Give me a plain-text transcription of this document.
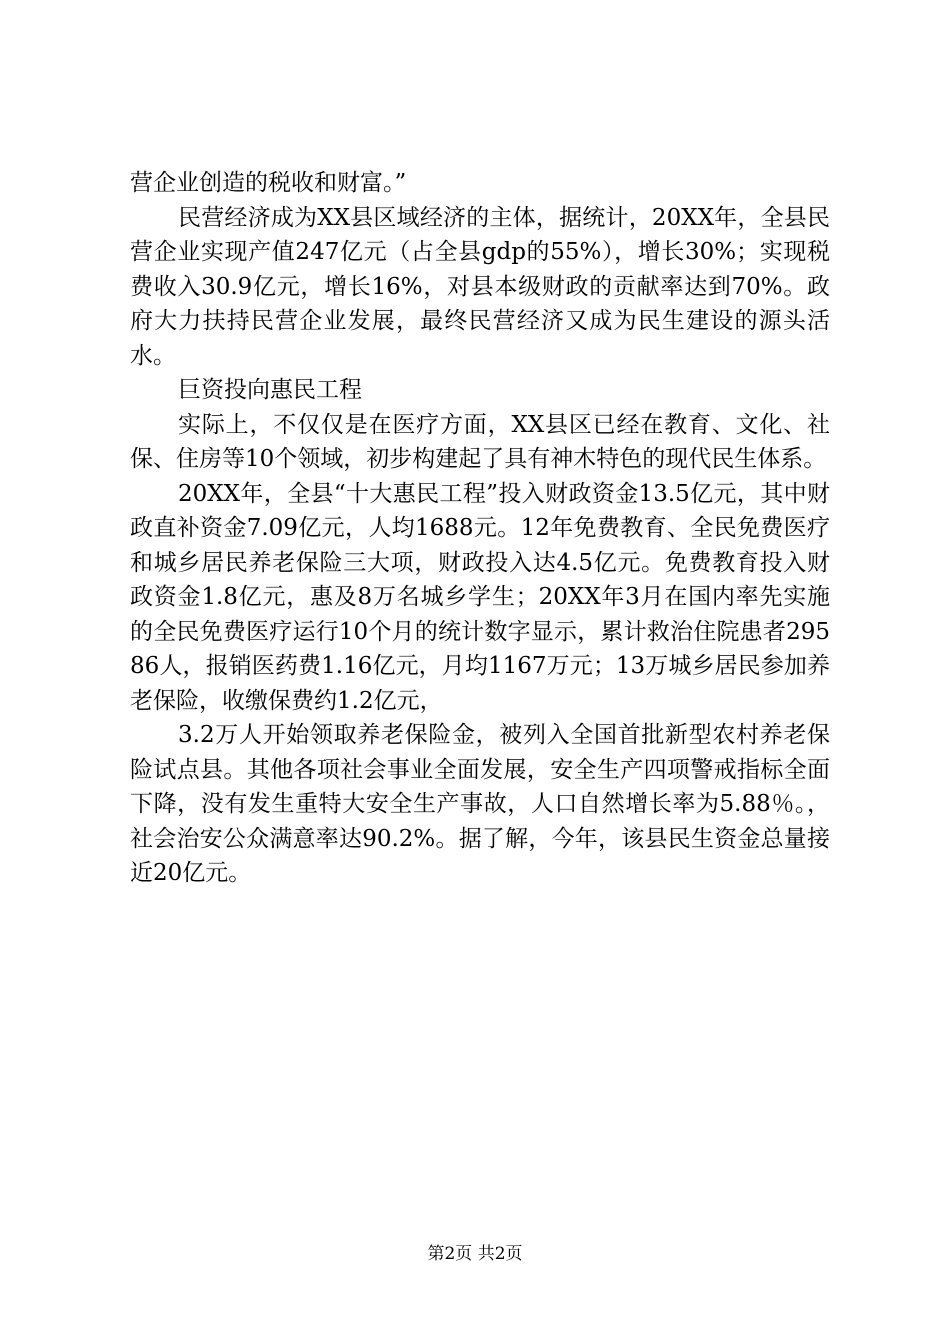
营企业创造的税收和财富。”

民营经济成为XX县区域经济的主体，据统计，20XX年，全县民营企业实现产值247亿元（占全县gdp的55%），增长30%；实现税费收入30.9亿元，增长16%，对县本级财政的贡献率达到70%。政府大力扶持民营企业发展，最终民营经济又成为民生建设的源头活水。

巨资投向惠民工程

实际上，不仅仅是在医疗方面，XX县区已经在教育、文化、社保、住房等10个领域，初步构建起了具有神木特色的现代民生体系。

20XX年，全县“十大惠民工程”投入财政资金13.5亿元，其中财政直补资金7.09亿元，人均1688元。12年免费教育、全民免费医疗和城乡居民养老保险三大项，财政投入达4.5亿元。免费教育投入财政资金1.8亿元，惠及8万名城乡学生；20XX年3月在国内率先实施的全民免费医疗运行10个月的统计数字显示，累计救治住院患者29586人，报销医药费1.16亿元，月均1167万元；13万城乡居民参加养老保险，收缴保费约1.2亿元，

3.2万人开始领取养老保险金，被列入全国首批新型农村养老保险试点县。其他各项社会事业全面发展，安全生产四项警戒指标全面下降，没有发生重特大安全生产事故，人口自然增长率为5.88％。，社会治安公众满意率达90.2%。据了解，今年，该县民生资金总量接近20亿元。

第2页 共2页
